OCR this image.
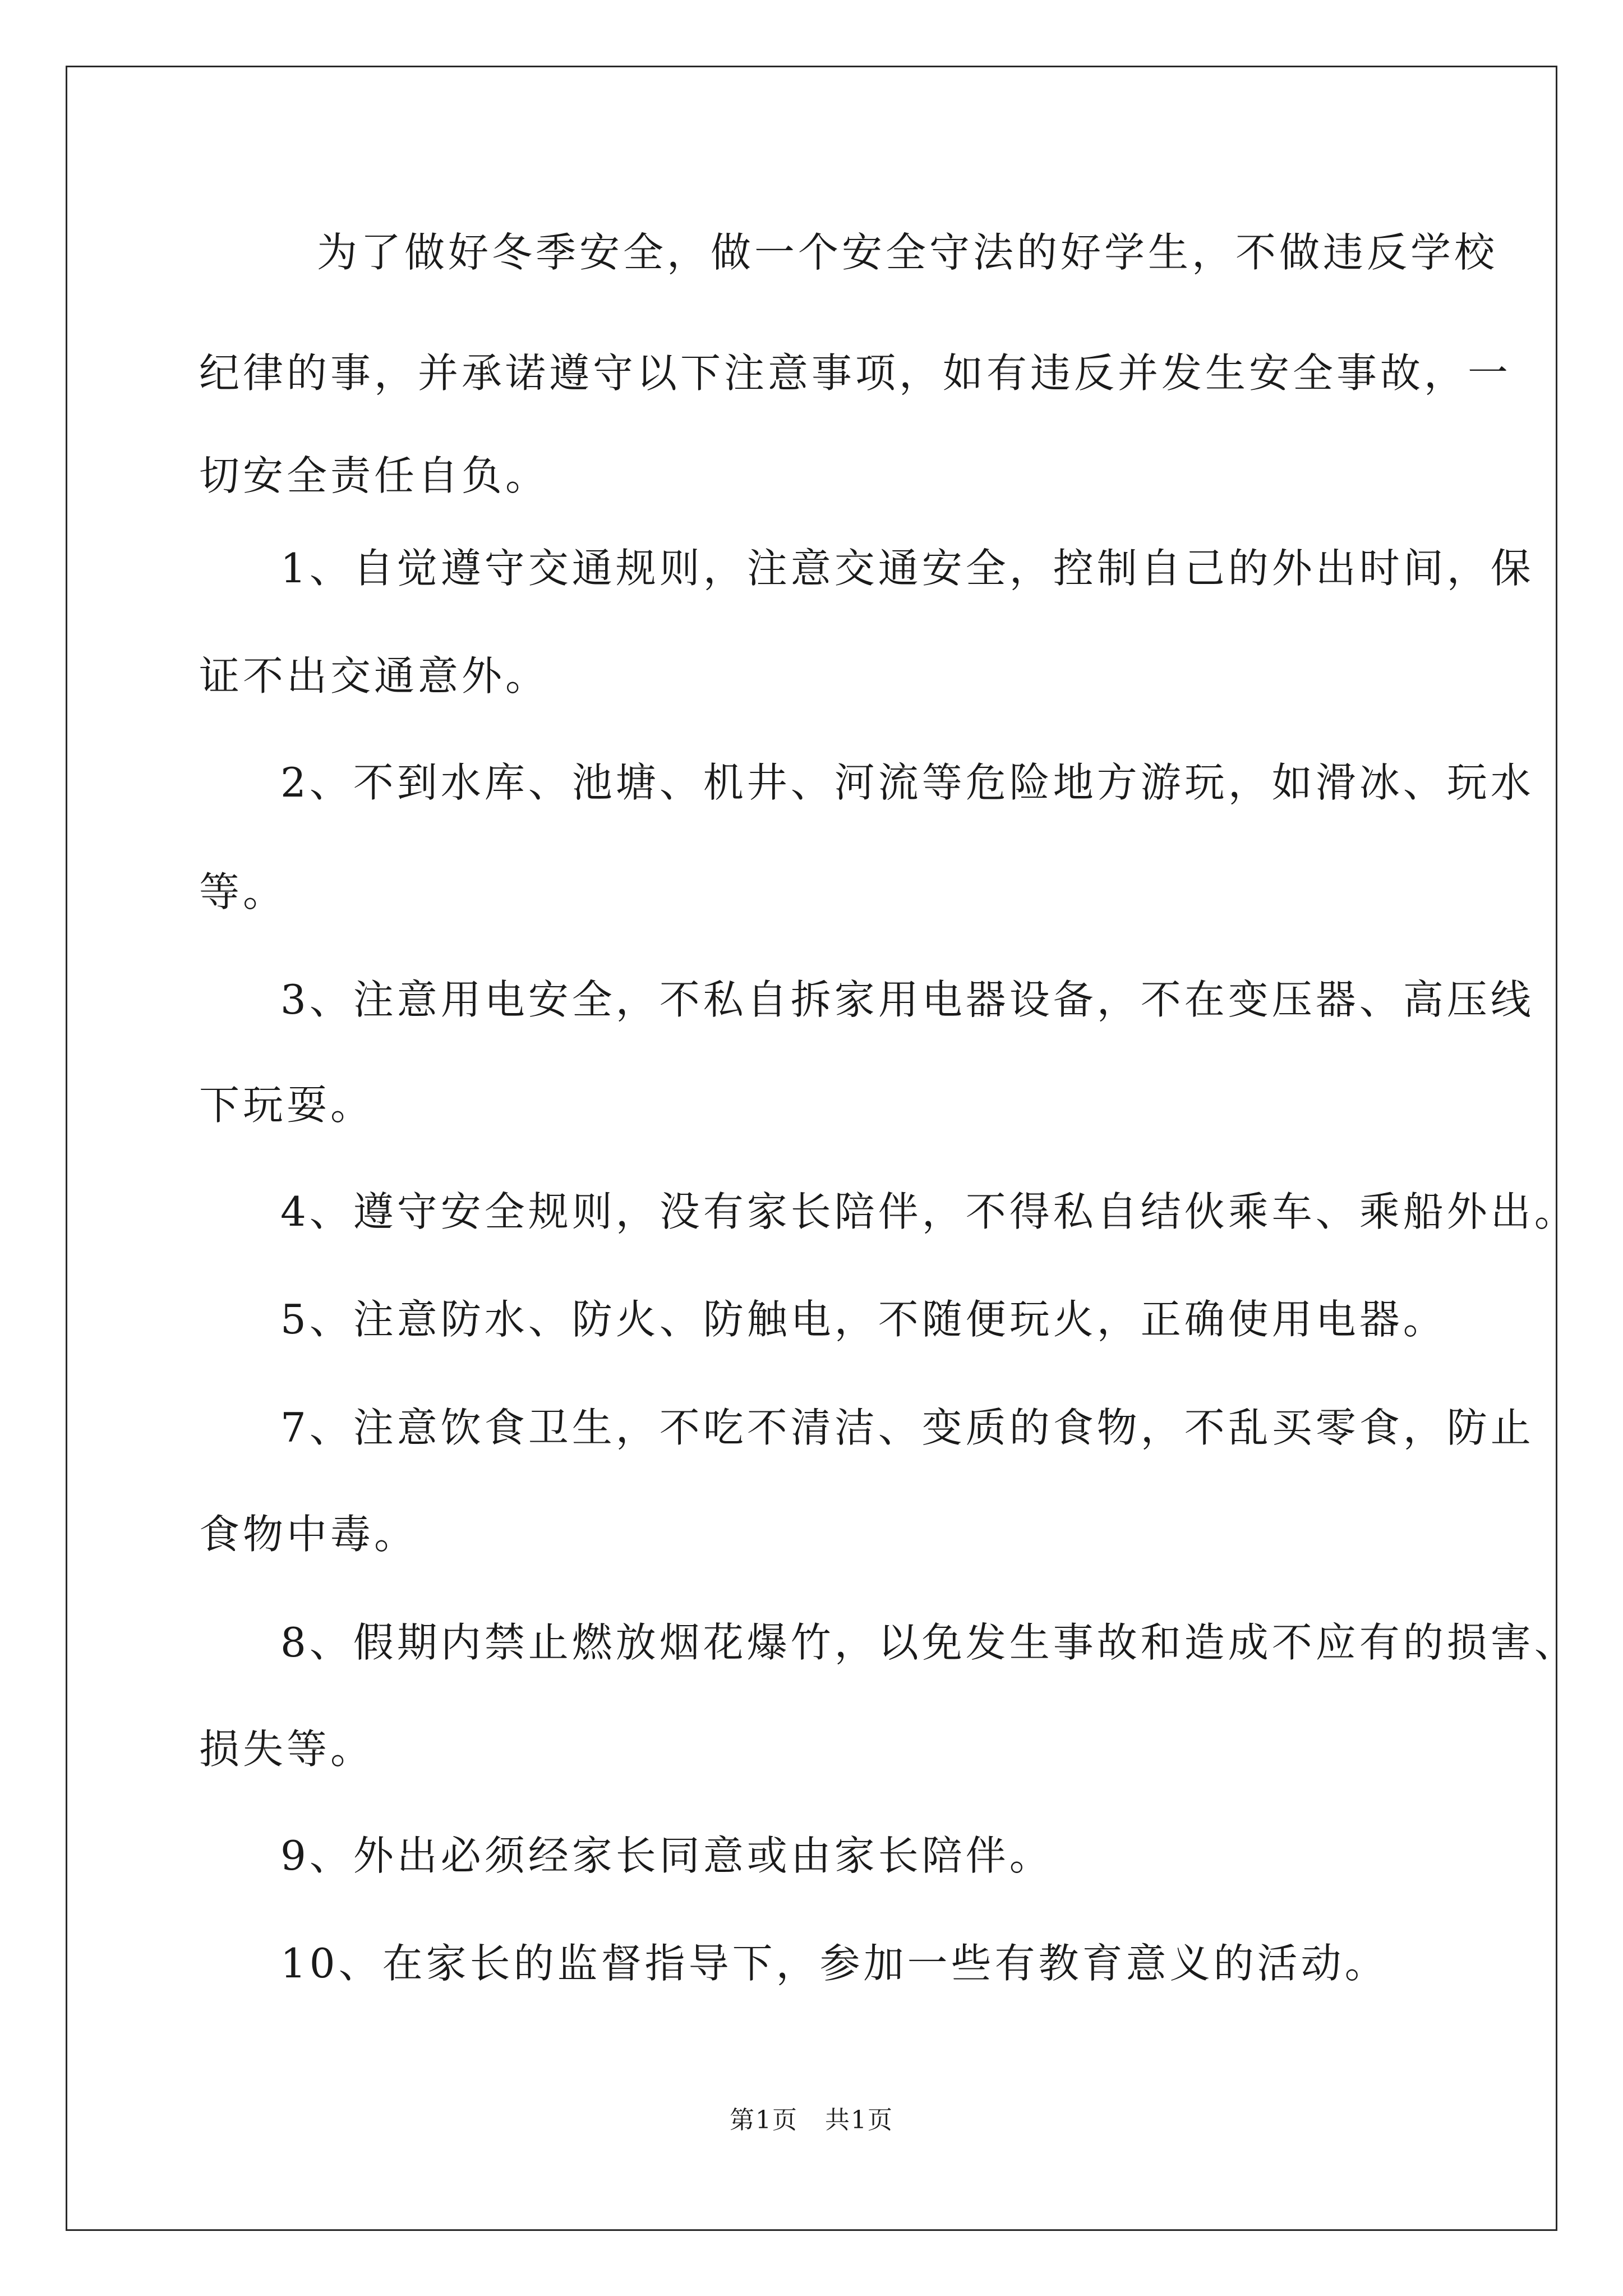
为了做好冬季安全，做一个安全守法的好学生，不做违反学校
纪律的事，并承诺遵守以下注意事项，如有违反并发生安全事故，一
切安全责任自负。
1、自觉遵守交通规则，注意交通安全，控制自己的外出时间，保
证不出交通意外。
2、不到水库、池塘、机井、河流等危险地方游玩，如滑冰、玩水
等。
3、注意用电安全，不私自拆家用电器设备，不在变压器、高压线
下玩耍。
4、遵守安全规则，没有家长陪伴，不得私自结伙乘车、乘船外出。
5、注意防水、防火、防触电，不随便玩火，正确使用电器。
7、注意饮食卫生，不吃不清洁、变质的食物，不乱买零食，防止
食物中毒。
8、假期内禁止燃放烟花爆竹，以免发生事故和造成不应有的损害、
损失等。
9、外出必须经家长同意或由家长陪伴。
10、在家长的监督指导下，参加一些有教育意义的活动。
第1页 共1页
